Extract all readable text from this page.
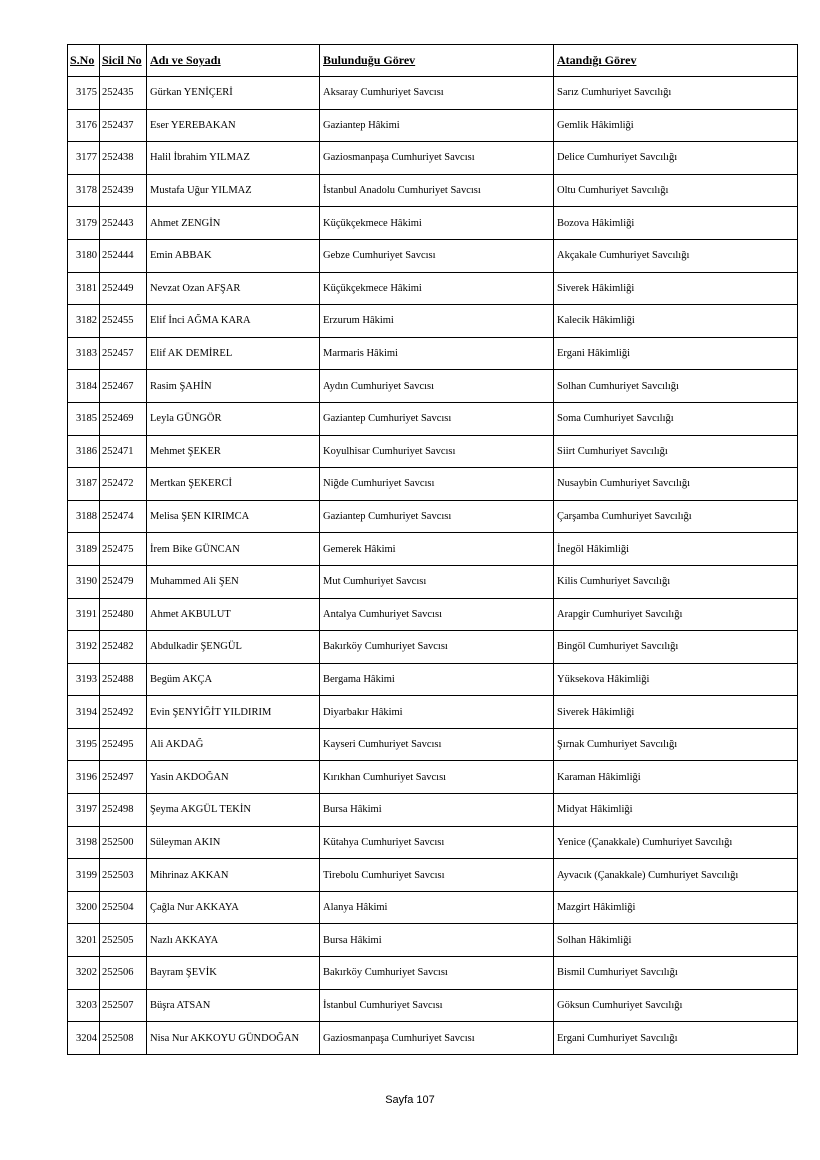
S.No	Sicil No	Adı ve Soyadı	Bulunduğu Görev	Atandığı Görev
3175	252435	Gürkan YENİÇERİ	Aksaray Cumhuriyet Savcısı	Sarız Cumhuriyet Savcılığı
3176	252437	Eser YEREBAKAN	Gaziantep Hâkimi	Gemlik Hâkimliği
3177	252438	Halil İbrahim YILMAZ	Gaziosmanpaşa Cumhuriyet Savcısı	Delice Cumhuriyet Savcılığı
3178	252439	Mustafa Uğur YILMAZ	İstanbul Anadolu Cumhuriyet Savcısı	Oltu Cumhuriyet Savcılığı
3179	252443	Ahmet ZENGİN	Küçükçekmece Hâkimi	Bozova Hâkimliği
3180	252444	Emin ABBAK	Gebze Cumhuriyet Savcısı	Akçakale Cumhuriyet Savcılığı
3181	252449	Nevzat Ozan AFŞAR	Küçükçekmece Hâkimi	Siverek Hâkimliği
3182	252455	Elif İnci AĞMA KARA	Erzurum Hâkimi	Kalecik Hâkimliği
3183	252457	Elif AK DEMİREL	Marmaris Hâkimi	Ergani Hâkimliği
3184	252467	Rasim ŞAHİN	Aydın Cumhuriyet Savcısı	Solhan Cumhuriyet Savcılığı
3185	252469	Leyla GÜNGÖR	Gaziantep Cumhuriyet Savcısı	Soma Cumhuriyet Savcılığı
3186	252471	Mehmet ŞEKER	Koyulhisar Cumhuriyet Savcısı	Siirt Cumhuriyet Savcılığı
3187	252472	Mertkan ŞEKERCİ	Niğde Cumhuriyet Savcısı	Nusaybin Cumhuriyet Savcılığı
3188	252474	Melisa ŞEN KIRIMCA	Gaziantep Cumhuriyet Savcısı	Çarşamba Cumhuriyet Savcılığı
3189	252475	İrem Bike GÜNCAN	Gemerek Hâkimi	İnegöl Hâkimliği
3190	252479	Muhammed Ali ŞEN	Mut Cumhuriyet Savcısı	Kilis Cumhuriyet Savcılığı
3191	252480	Ahmet AKBULUT	Antalya Cumhuriyet Savcısı	Arapgir Cumhuriyet Savcılığı
3192	252482	Abdulkadir ŞENGÜL	Bakırköy Cumhuriyet Savcısı	Bingöl Cumhuriyet Savcılığı
3193	252488	Begüm AKÇA	Bergama Hâkimi	Yüksekova Hâkimliği
3194	252492	Evin ŞENYİĞİT YILDIRIM	Diyarbakır Hâkimi	Siverek Hâkimliği
3195	252495	Ali AKDAĞ	Kayseri Cumhuriyet Savcısı	Şırnak Cumhuriyet Savcılığı
3196	252497	Yasin AKDOĞAN	Kırıkhan Cumhuriyet Savcısı	Karaman Hâkimliği
3197	252498	Şeyma AKGÜL TEKİN	Bursa Hâkimi	Midyat Hâkimliği
3198	252500	Süleyman AKIN	Kütahya Cumhuriyet Savcısı	Yenice (Çanakkale) Cumhuriyet Savcılığı
3199	252503	Mihrinaz AKKAN	Tirebolu Cumhuriyet Savcısı	Ayvacık (Çanakkale) Cumhuriyet Savcılığı
3200	252504	Çağla Nur AKKAYA	Alanya Hâkimi	Mazgirt Hâkimliği
3201	252505	Nazlı AKKAYA	Bursa Hâkimi	Solhan Hâkimliği
3202	252506	Bayram ŞEVİK	Bakırköy Cumhuriyet Savcısı	Bismil Cumhuriyet Savcılığı
3203	252507	Büşra ATSAN	İstanbul Cumhuriyet Savcısı	Göksun Cumhuriyet Savcılığı
3204	252508	Nisa Nur AKKOYU GÜNDOĞAN	Gaziosmanpaşa Cumhuriyet Savcısı	Ergani Cumhuriyet Savcılığı
Sayfa 107
